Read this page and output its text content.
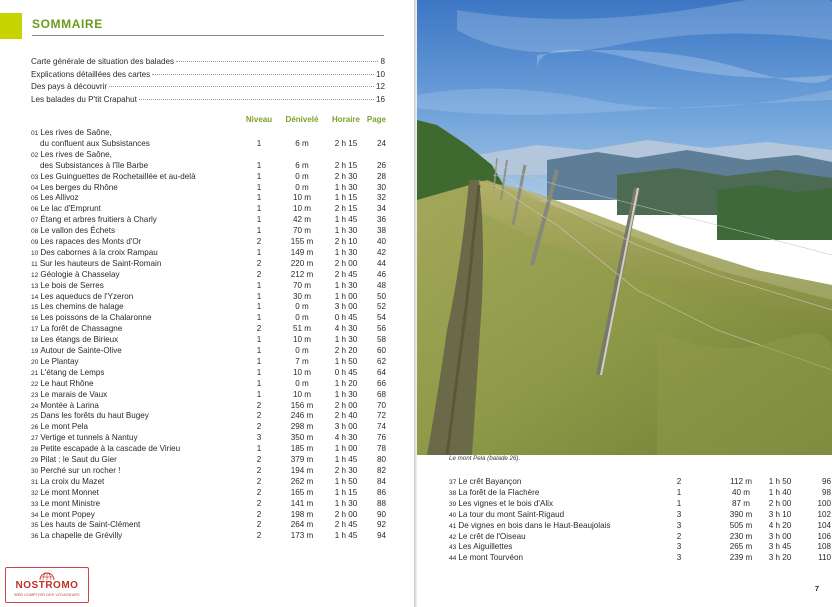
SOMMAIRE
Carte générale de situation des balades	8
Explications détaillées des cartes	10
Des pays à découvrir	12
Les balades du P'tit Crapahut	16
Niveau	Dénivelé	Horaire Page
01 Les rives de Saône,
du confluent aux Subsistances	1	6 m	2 h 15	24
02 Les rives de Saône,
des Subsistances à l'île Barbe	1	6 m	2 h 15	26
03 Les Guinguettes de Rochetaillée et au-delà	1	0 m	2 h 30	28
04 Les berges du Rhône	1	0 m	1 h 30	30
05 Les Allivoz	1	10 m	1 h 15	32
06 Le lac d'Emprunt	1	10 m	2 h 15	34
07 Étang et arbres fruitiers à Charly	1	42 m	1 h 45	36
08 Le vallon des Échets	1	70 m	1 h 30	38
09 Les rapaces des Monts d'Or	2	155 m	2 h 10	40
10 Des cabornes à la croix Rampau	1	149 m	1 h 30	42
11 Sur les hauteurs de Saint-Romain	2	220 m	2 h 00	44
12 Géologie à Chasselay	2	212 m	2 h 45	46
13 Le bois de Serres	1	70 m	1 h 30	48
14 Les aqueducs de l'Yzeron	1	30 m	1 h 00	50
15 Les chemins de halage	1	0 m	3 h 00	52
16 Les poissons de la Chalaronne	1	0 m	0 h 45	54
17 La forêt de Chassagne	2	51 m	4 h 30	56
18 Les étangs de Birieux	1	10 m	1 h 30	58
19 Autour de Sainte-Olive	1	0 m	2 h 20	60
20 Le Plantay	1	7 m	1 h 50	62
21 L'étang de Lemps	1	10 m	0 h 45	64
22 Le haut Rhône	1	0 m	1 h 20	66
23 Le marais de Vaux	1	10 m	1 h 30	68
24 Montée à Larina	2	156 m	2 h 00	70
25 Dans les forêts du haut Bugey	2	246 m	2 h 40	72
26 Le mont Pela	2	298 m	3 h 00	74
27 Vertige et tunnels à Nantuy	3	350 m	4 h 30	76
28 Petite escapade à la cascade de Virieu	1	185 m	1 h 00	78
29 Pilat : le Saut du Gier	2	379 m	1 h 45	80
30 Perché sur un rocher !	2	194 m	2 h 30	82
31 La croix du Mazet	2	262 m	1 h 50	84
32 Le mont Monnet	2	165 m	1 h 15	86
33 Le mont Ministre	2	141 m	1 h 30	88
34 Le mont Popey	2	198 m	2 h 00	90
35 Les hauts de Saint-Clément	2	264 m	2 h 45	92
36 La chapelle de Grévilly	2	173 m	1 h 45	94
NOSTROMO
WEB COMPTOIR DES VOYAGEURS
Le mont Pela (balade 26).
37 Le crêt Bayançon	2	112 m	1 h 50	96
38 La forêt de la Flachère	1	40 m	1 h 40	98
39 Les vignes et le bois d'Alix	1	87 m	2 h 00	100
40 La tour du mont Saint-Rigaud	3	390 m	3 h 10	102
41 De vignes en bois dans le Haut-Beaujolais	3	505 m	4 h 20	104
42 Le crêt de l'Oiseau	2	230 m	3 h 00	106
43 Les Aiguillettes	3	265 m	3 h 45	108
44 Le mont Tourvéon	3	239 m	3 h 20	110
7
